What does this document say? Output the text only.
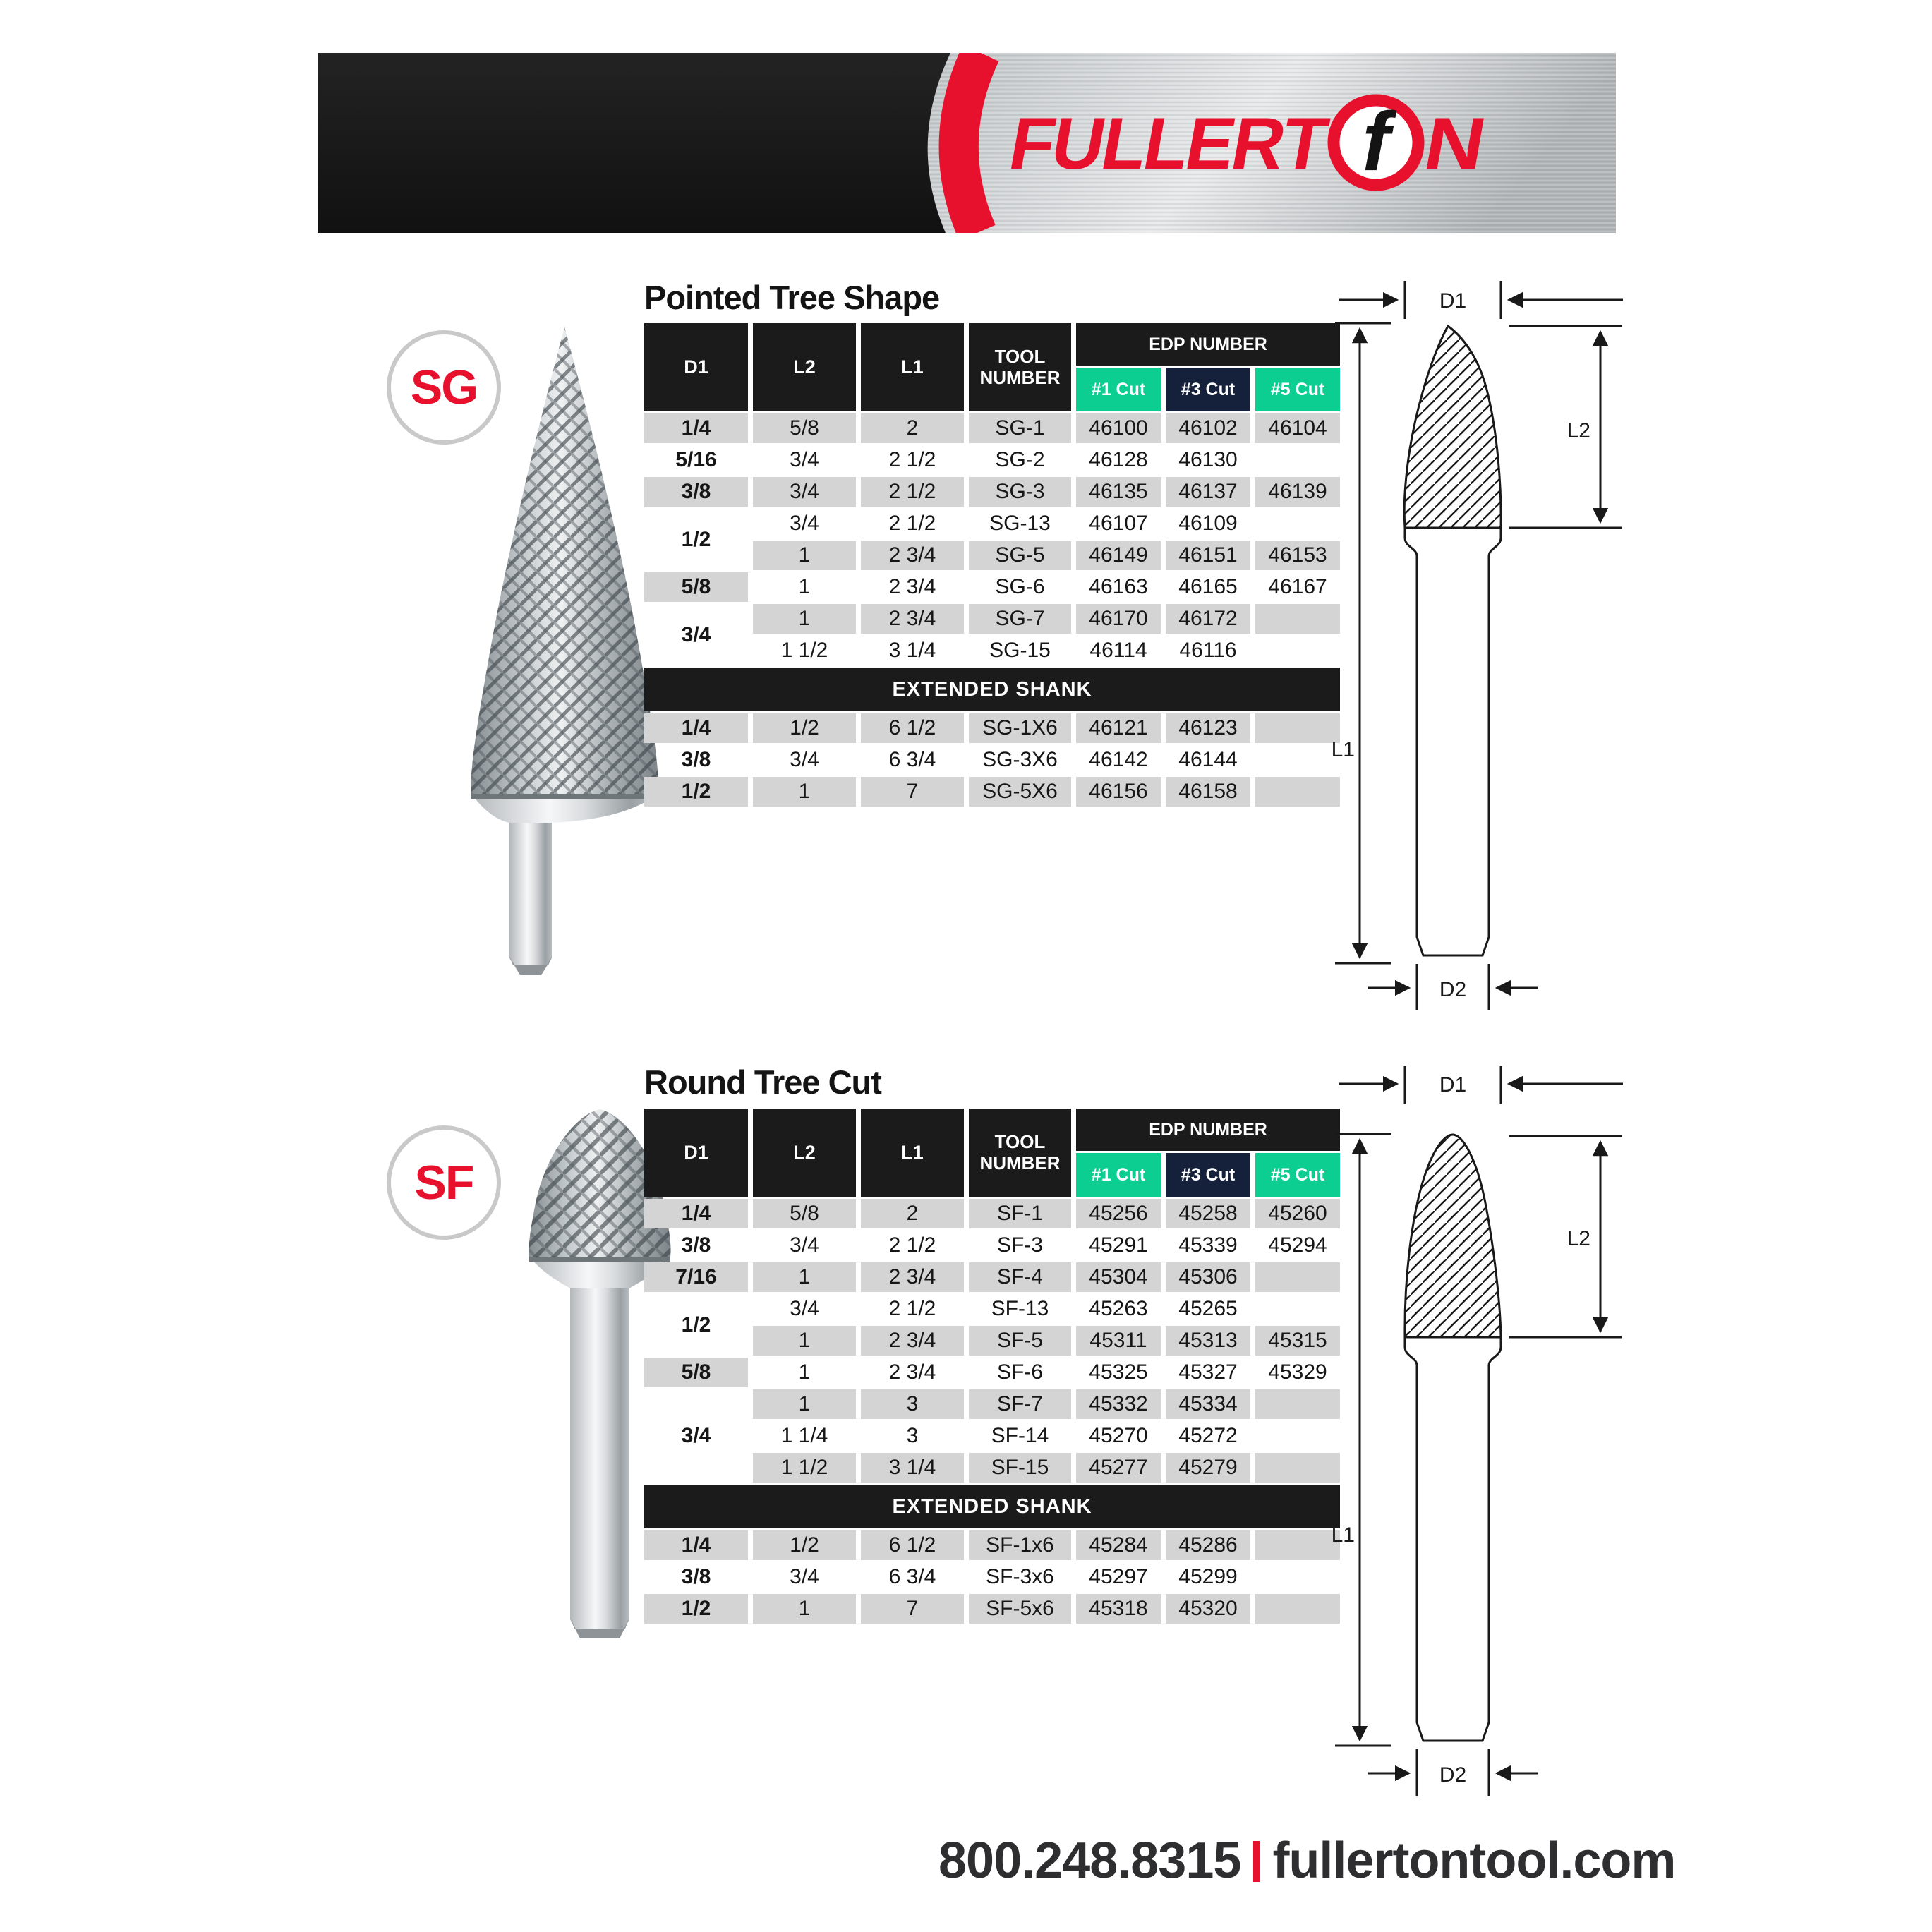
FULLERT f N
Pointed Tree Shape
SG	D1	L2	L1	TOOL NUMBER	EDP NUMBER		
				#1 Cut	#3 Cut	#5 Cut
1/4	5/8	2	SG-1	46100	46102	46104
5/16	3/4	2 1/2	SG-2	46128	46130	
3/8	3/4	2 1/2	SG-3	46135	46137	46139
1/2	3/4	2 1/2	SG-13	46107	46109	
	1	2 3/4	SG-5	46149	46151	46153
5/8	1	2 3/4	SG-6	46163	46165	46167
3/4	1	2 3/4	SG-7	46170	46172	
	1 1/2	3 1/4	SG-15	46114	46116	
EXTENDED SHANK						
1/4	1/2	6 1/2	SG-1X6	46121	46123	
3/8	3/4	6 3/4	SG-3X6	46142	46144	
1/2	1	7	SG-5X6	46156	46158	
D1
L2
L1
D2
Round Tree Cut
SF
D1	L2	L1	TOOL NUMBER	EDP NUMBER		
				#1 Cut	#3 Cut	#5 Cut
1/4	5/8	2	SF-1	45256	45258	45260
3/8	3/4	2 1/2	SF-3	45291	45339	45294
7/16	1	2 3/4	SF-4	45304	45306	
1/2	3/4	2 1/2	SF-13	45263	45265	
	1	2 3/4	SF-5	45311	45313	45315
5/8	1	2 3/4	SF-6	45325	45327	45329
3/4	1	3	SF-7	45332	45334	
	1 1/4	3	SF-14	45270	45272	
	1 1/2	3 1/4	SF-15	45277	45279	
EXTENDED SHANK						
1/4	1/2	6 1/2	SF-1x6	45284	45286	
3/8	3/4	6 3/4	SF-3x6	45297	45299	
1/2	1	7	SF-5x6	45318	45320	
D1
L2
L1
D2
800.248.8315 fullertontool.com
